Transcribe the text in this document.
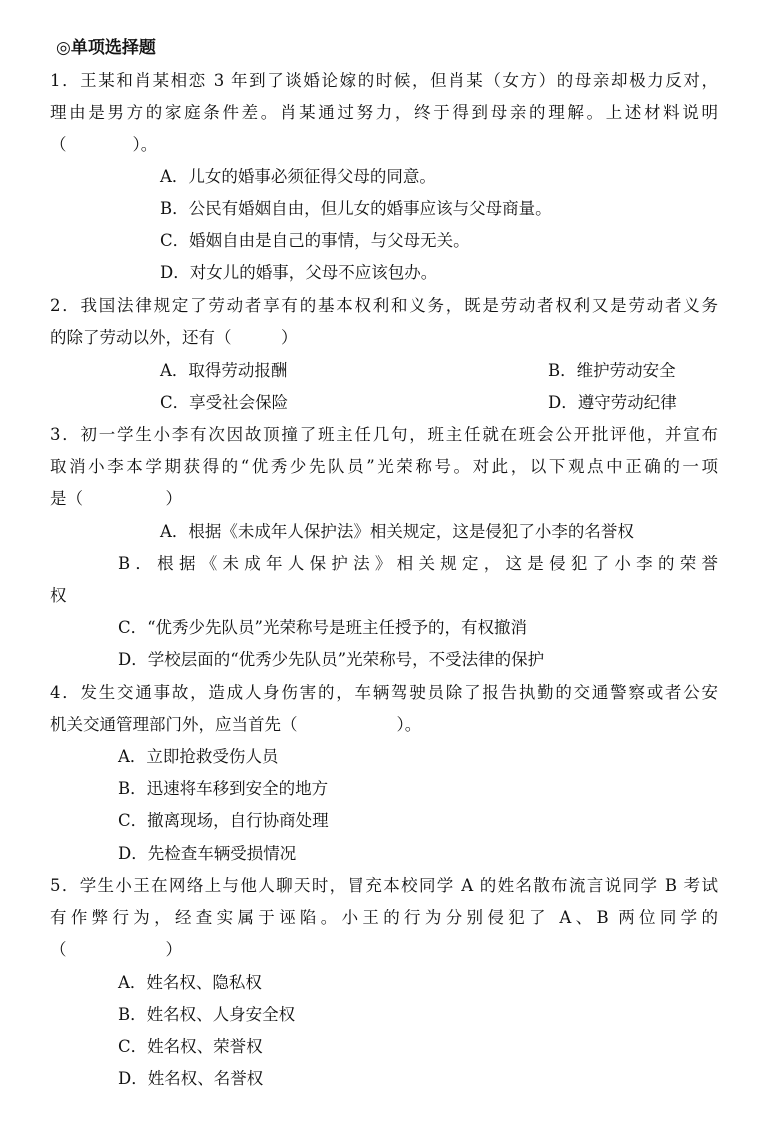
◎单项选择题
1．王某和肖某相恋 3 年到了谈婚论嫁的时候，但肖某（女方）的母亲却极力反对，
理由是男方的家庭条件差。肖某通过努力，终于得到母亲的理解。上述材料说明
（　　　　）。
A．儿女的婚事必须征得父母的同意。
B．公民有婚姻自由，但儿女的婚事应该与父母商量。
C．婚姻自由是自己的事情，与父母无关。
D．对女儿的婚事，父母不应该包办。
2．我国法律规定了劳动者享有的基本权利和义务，既是劳动者权利又是劳动者义务
的除了劳动以外，还有（　　　）
A．取得劳动报酬	B．维护劳动安全
C．享受社会保险	D．遵守劳动纪律
3．初一学生小李有次因故顶撞了班主任几句，班主任就在班会公开批评他，并宣布
取消小李本学期获得的“优秀少先队员”光荣称号。对此，以下观点中正确的一项
是（　　　　　）
A．根据《未成年人保护法》相关规定，这是侵犯了小李的名誉权
B．根据《未成年人保护法》相关规定，这是侵犯了小李的荣誉
权
C．“优秀少先队员”光荣称号是班主任授予的，有权撤消
D．学校层面的“优秀少先队员”光荣称号，不受法律的保护
4．发生交通事故，造成人身伤害的，车辆驾驶员除了报告执勤的交通警察或者公安
机关交通管理部门外，应当首先（　　　　　　）。
A．立即抢救受伤人员
B．迅速将车移到安全的地方
C．撤离现场，自行协商处理
D．先检查车辆受损情况
5．学生小王在网络上与他人聊天时，冒充本校同学 A 的姓名散布流言说同学 B 考试
有作弊行为，经查实属于诬陷。小王的行为分别侵犯了 A、B 两位同学的
（　　　　　　）
A．姓名权、隐私权
B．姓名权、人身安全权
C．姓名权、荣誉权
D．姓名权、名誉权
